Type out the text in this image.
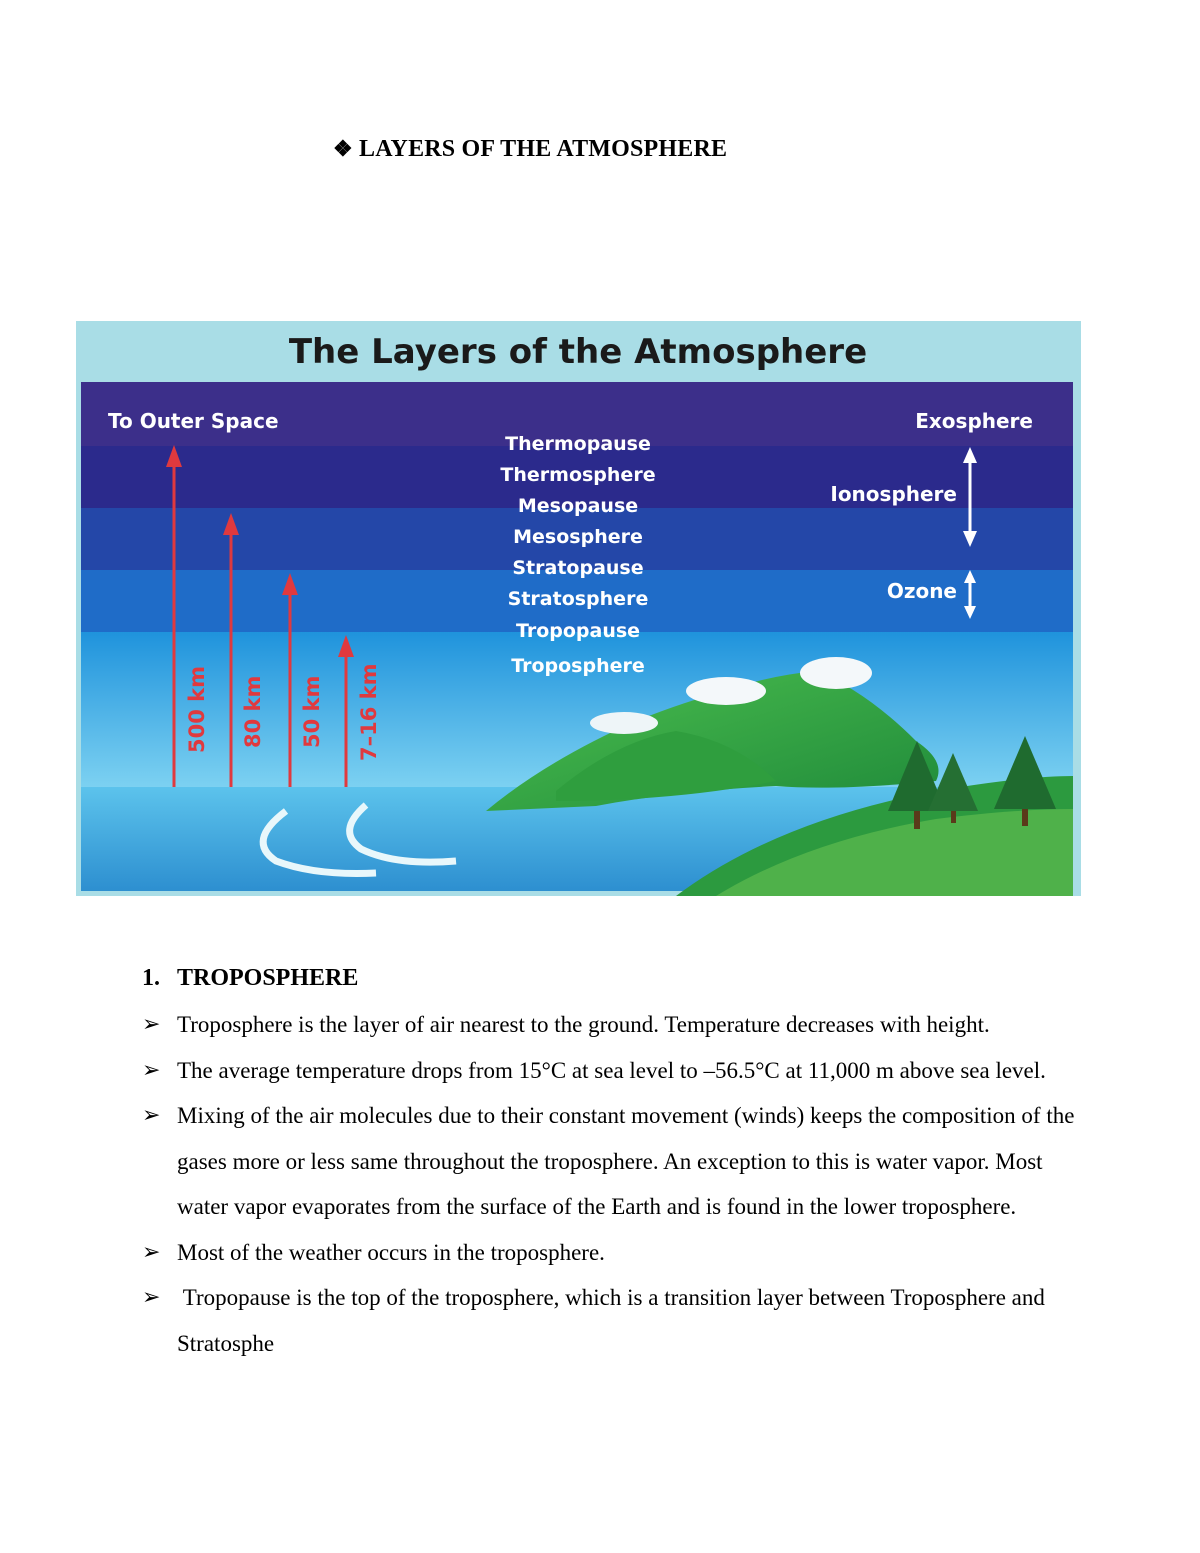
❖ LAYERS OF THE ATMOSPHERE
The Layers of the Atmosphere
To Outer Space
Thermopause
Thermosphere
Mesopause
Mesosphere
Stratopause
Stratosphere
Tropopause
Troposphere
Exosphere
Ionosphere
Ozone
500 km 80 km 50 km 7–16 km
1. TROPOSPHERE
➢ Troposphere is the layer of air nearest to the ground. Temperature decreases with height.
➢ The average temperature drops from 15°C at sea level to –56.5°C at 11,000 m above sea level.
➢ Mixing of the air molecules due to their constant movement (winds) keeps the composition of the gases more or less same throughout the troposphere. An exception to this is water vapor. Most water vapor evaporates from the surface of the Earth and is found in the lower troposphere.
➢ Most of the weather occurs in the troposphere.
➢ Tropopause is the top of the troposphere, which is a transition layer between Troposphere and Stratosphe
